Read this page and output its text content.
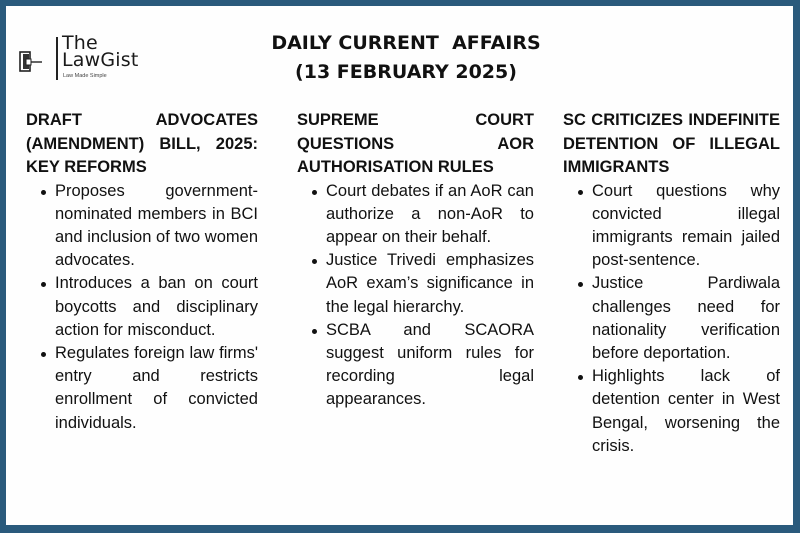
The
LawGist
Law Made Simple
DAILY CURRENT  AFFAIRS
(13 FEBRUARY 2025)
DRAFT ADVOCATES (AMENDMENT) BILL, 2025: KEY REFORMS
Proposes government-nominated members in BCI and inclusion of two women advocates.
Introduces a ban on court boycotts and disciplinary action for misconduct.
Regulates foreign law firms' entry and restricts enrollment of convicted individuals.
SUPREME COURT QUESTIONS AOR AUTHORISATION RULES
Court debates if an AoR can authorize a non-AoR to appear on their behalf.
Justice Trivedi emphasizes AoR exam’s significance in the legal hierarchy.
SCBA and SCAORA suggest uniform rules for recording legal appearances.
SC CRITICIZES INDEFINITE DETENTION OF ILLEGAL IMMIGRANTS
Court questions why convicted illegal immigrants remain jailed post-sentence.
Justice Pardiwala challenges need for nationality verification before deportation.
Highlights lack of detention center in West Bengal, worsening the crisis.
